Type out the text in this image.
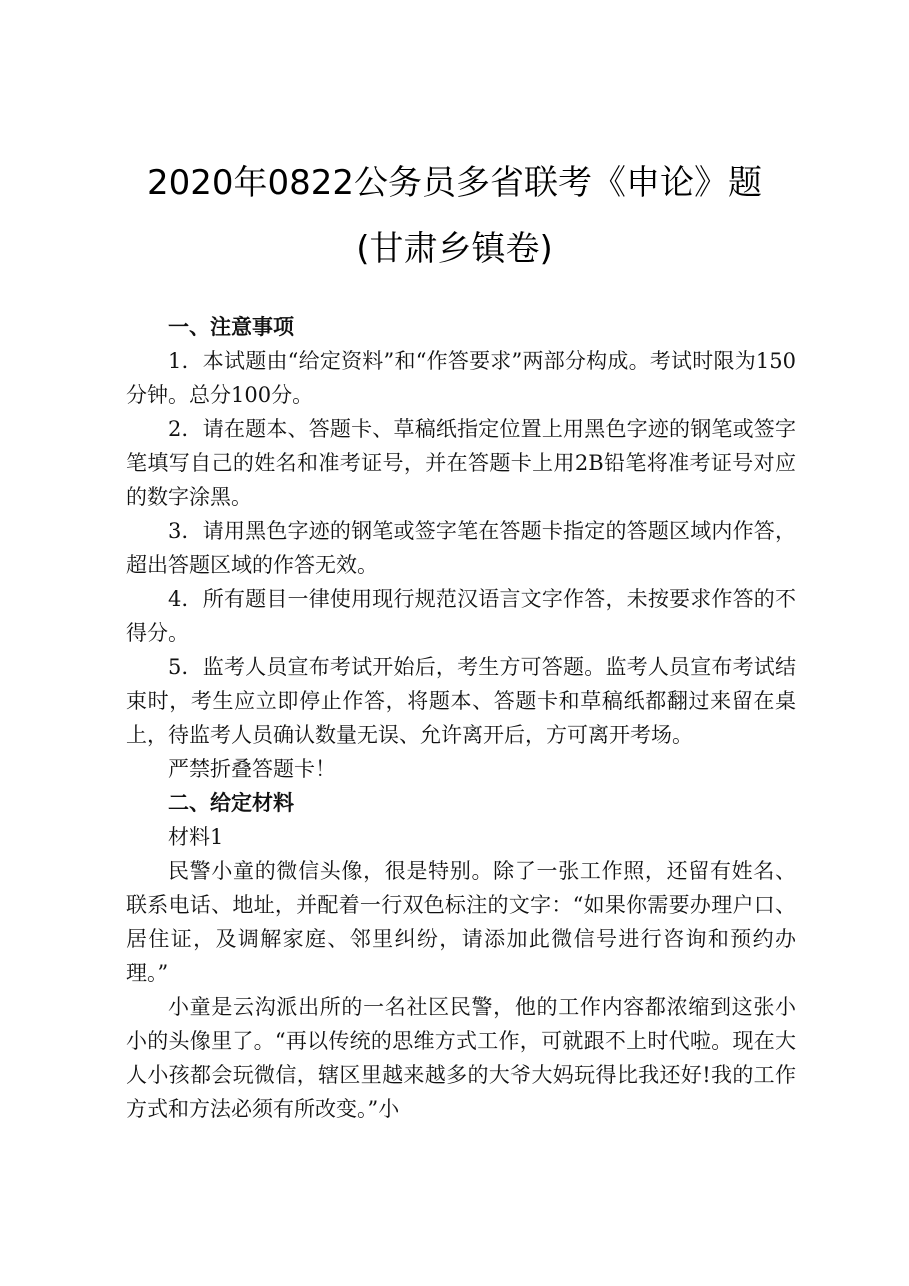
2020年0822公务员多省联考《申论》题
(甘肃乡镇卷)

一、注意事项

1．本试题由“给定资料”和“作答要求”两部分构成。考试时限为150分钟。总分100分。

2．请在题本、答题卡、草稿纸指定位置上用黑色字迹的钢笔或签字笔填写自己的姓名和准考证号，并在答题卡上用2B铅笔将准考证号对应的数字涂黑。

3．请用黑色字迹的钢笔或签字笔在答题卡指定的答题区域内作答，超出答题区域的作答无效。

4．所有题目一律使用现行规范汉语言文字作答，未按要求作答的不得分。

5．监考人员宣布考试开始后，考生方可答题。监考人员宣布考试结束时，考生应立即停止作答，将题本、答题卡和草稿纸都翻过来留在桌上，待监考人员确认数量无误、允许离开后，方可离开考场。

严禁折叠答题卡！

二、给定材料

材料1

民警小童的微信头像，很是特别。除了一张工作照，还留有姓名、联系电话、地址，并配着一行双色标注的文字：“如果你需要办理户口、居住证，及调解家庭、邻里纠纷，请添加此微信号进行咨询和预约办理。”

小童是云沟派出所的一名社区民警，他的工作内容都浓缩到这张小小的头像里了。“再以传统的思维方式工作，可就跟不上时代啦。现在大人小孩都会玩微信，辖区里越来越多的大爷大妈玩得比我还好!我的工作方式和方法必须有所改变。”小
